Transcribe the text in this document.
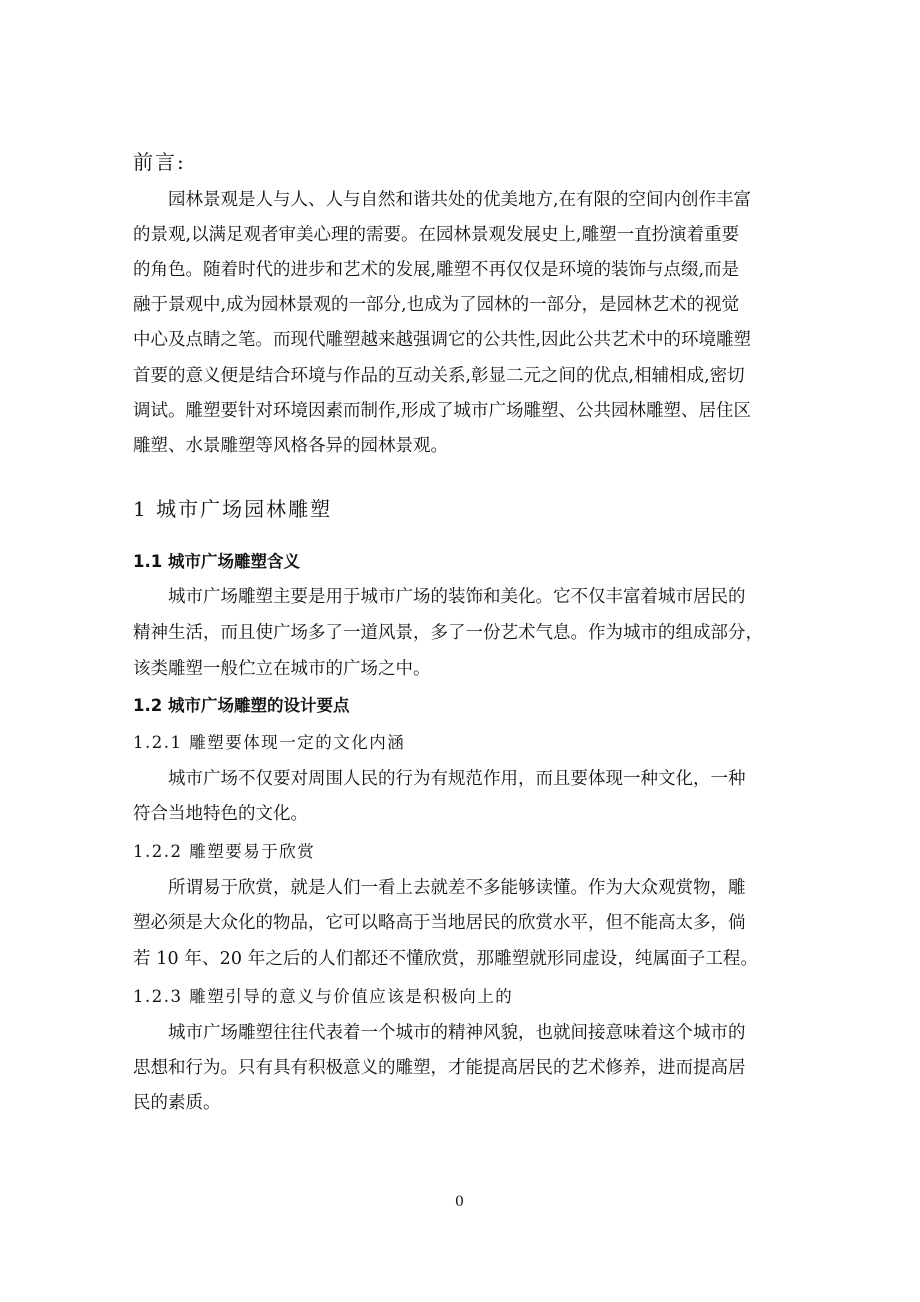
前言:
园林景观是人与人、人与自然和谐共处的优美地方,在有限的空间内创作丰富
的景观,以满足观者审美心理的需要。在园林景观发展史上,雕塑一直扮演着重要
的角色。随着时代的进步和艺术的发展,雕塑不再仅仅是环境的装饰与点缀,而是
融于景观中,成为园林景观的一部分,也成为了园林的一部分，是园林艺术的视觉
中心及点睛之笔。而现代雕塑越来越强调它的公共性,因此公共艺术中的环境雕塑
首要的意义便是结合环境与作品的互动关系,彰显二元之间的优点,相辅相成,密切
调试。雕塑要针对环境因素而制作,形成了城市广场雕塑、公共园林雕塑、居住区
雕塑、水景雕塑等风格各异的园林景观。
1 城市广场园林雕塑
1.1 城市广场雕塑含义
城市广场雕塑主要是用于城市广场的装饰和美化。它不仅丰富着城市居民的
精神生活，而且使广场多了一道风景，多了一份艺术气息。作为城市的组成部分，
该类雕塑一般伫立在城市的广场之中。
1.2 城市广场雕塑的设计要点
1.2.1 雕塑要体现一定的文化内涵
城市广场不仅要对周围人民的行为有规范作用，而且要体现一种文化，一种
符合当地特色的文化。
1.2.2 雕塑要易于欣赏
所谓易于欣赏，就是人们一看上去就差不多能够读懂。作为大众观赏物，雕
塑必须是大众化的物品，它可以略高于当地居民的欣赏水平，但不能高太多，倘
若 10 年、20 年之后的人们都还不懂欣赏，那雕塑就形同虚设，纯属面子工程。
1.2.3 雕塑引导的意义与价值应该是积极向上的
城市广场雕塑往往代表着一个城市的精神风貌，也就间接意味着这个城市的
思想和行为。只有具有积极意义的雕塑，才能提高居民的艺术修养，进而提高居
民的素质。
0
